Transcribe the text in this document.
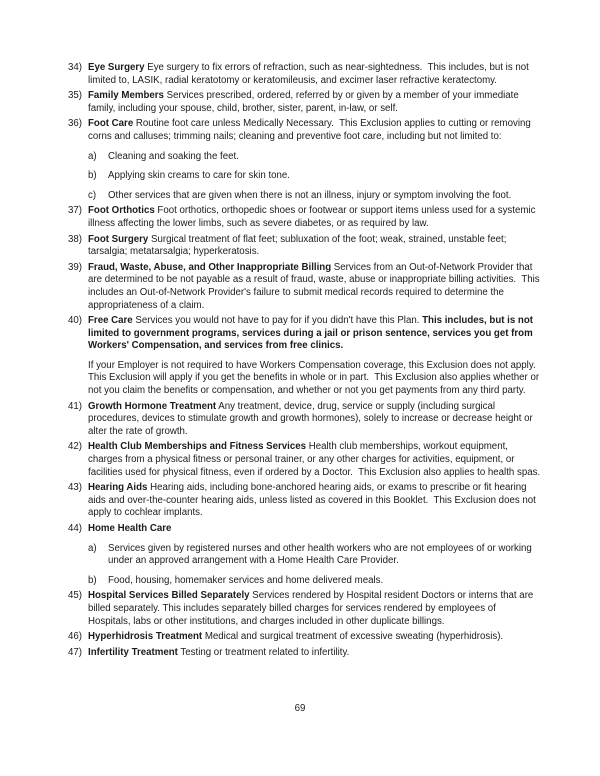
34) Eye Surgery Eye surgery to fix errors of refraction, such as near-sightedness.  This includes, but is not limited to, LASIK, radial keratotomy or keratomileusis, and excimer laser refractive keratectomy.

35) Family Members Services prescribed, ordered, referred by or given by a member of your immediate family, including your spouse, child, brother, sister, parent, in-law, or self.

36) Foot Care Routine foot care unless Medically Necessary.  This Exclusion applies to cutting or removing corns and calluses; trimming nails; cleaning and preventive foot care, including but not limited to:

a)	Cleaning and soaking the feet.

b)	Applying skin creams to care for skin tone.

c)	Other services that are given when there is not an illness, injury or symptom involving the foot.

37) Foot Orthotics Foot orthotics, orthopedic shoes or footwear or support items unless used for a systemic illness affecting the lower limbs, such as severe diabetes, or as required by law.

38) Foot Surgery Surgical treatment of flat feet; subluxation of the foot; weak, strained, unstable feet; tarsalgia; metatarsalgia; hyperkeratosis.

39) Fraud, Waste, Abuse, and Other Inappropriate Billing Services from an Out-of-Network Provider that are determined to be not payable as a result of fraud, waste, abuse or inappropriate billing activities.  This includes an Out-of-Network Provider's failure to submit medical records required to determine the appropriateness of a claim.

40) Free Care Services you would not have to pay for if you didn't have this Plan. This includes, but is not limited to government programs, services during a jail or prison sentence, services you get from Workers' Compensation, and services from free clinics.

If your Employer is not required to have Workers Compensation coverage, this Exclusion does not apply.  This Exclusion will apply if you get the benefits in whole or in part.  This Exclusion also applies whether or not you claim the benefits or compensation, and whether or not you get payments from any third party.

41) Growth Hormone Treatment Any treatment, device, drug, service or supply (including surgical procedures, devices to stimulate growth and growth hormones), solely to increase or decrease height or alter the rate of growth.

42) Health Club Memberships and Fitness Services Health club memberships, workout equipment, charges from a physical fitness or personal trainer, or any other charges for activities, equipment, or facilities used for physical fitness, even if ordered by a Doctor.  This Exclusion also applies to health spas.

43) Hearing Aids Hearing aids, including bone-anchored hearing aids, or exams to prescribe or fit hearing aids and over-the-counter hearing aids, unless listed as covered in this Booklet.  This Exclusion does not apply to cochlear implants.

44) Home Health Care

a)	Services given by registered nurses and other health workers who are not employees of or working under an approved arrangement with a Home Health Care Provider.

b)	Food, housing, homemaker services and home delivered meals.

45) Hospital Services Billed Separately Services rendered by Hospital resident Doctors or interns that are billed separately. This includes separately billed charges for services rendered by employees of Hospitals, labs or other institutions, and charges included in other duplicate billings.

46) Hyperhidrosis Treatment Medical and surgical treatment of excessive sweating (hyperhidrosis).

47) Infertility Treatment Testing or treatment related to infertility.

69
